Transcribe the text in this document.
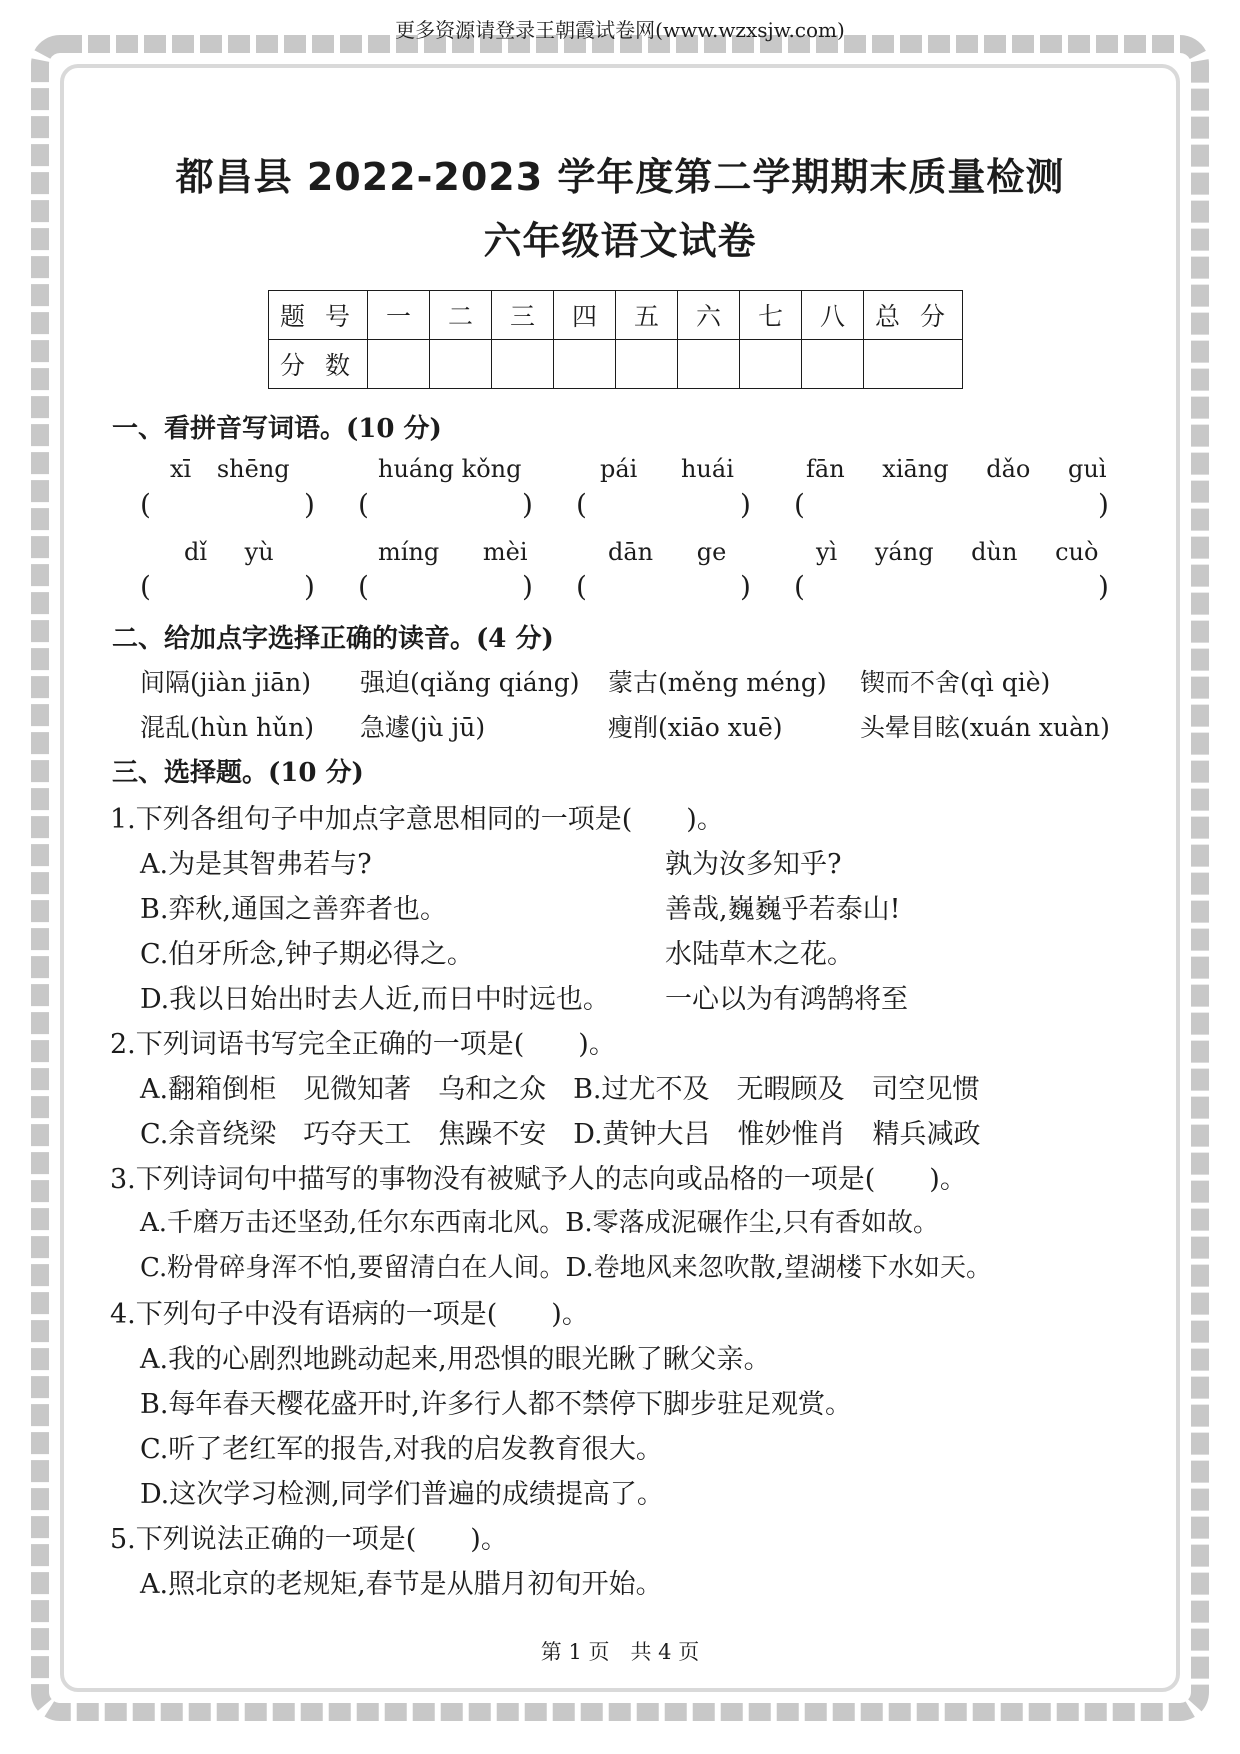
更多资源请登录王朝霞试卷网(www.wzxsjw.com)
都昌县 2022-2023 学年度第二学期期末质量检测
六年级语文试卷
题 号	一	二	三	四	五	六	七	八	总 分
分 数									
一、看拼音写词语。(10 分)
xī shēng	huáng kǒng	pái huái	fān xiāng dǎo guì
(	) (	) (	) (	)
dǐ yù	míng mèi	dān ge	yì yáng dùn cuò
(	) (	) (	) (	)
二、给加点字选择正确的读音。(4 分)
间隔(jiàn jiān) 强迫(qiǎng qiáng) 蒙古(měng méng) 锲而不舍(qì qiè)
混乱(hùn hǔn) 急遽(jù jū)	瘦削(xiāo xuē)	头晕目眩(xuán xuàn)
三、选择题。(10 分)
1.下列各组句子中加点字意思相同的一项是(　　)。
A.为是其智弗若与?	孰为汝多知乎?
B.弈秋,通国之善弈者也。	善哉,巍巍乎若泰山!
C.伯牙所念,钟子期必得之。	水陆草木之花。
D.我以日始出时去人近,而日中时远也。 一心以为有鸿鹄将至
2.下列词语书写完全正确的一项是(　　)。
A.翻箱倒柜　见微知著　乌和之众　B.过尤不及　无暇顾及　司空见惯
C.余音绕梁　巧夺天工　焦躁不安　D.黄钟大吕　惟妙惟肖　精兵减政
3.下列诗词句中描写的事物没有被赋予人的志向或品格的一项是(　　)。
A.千磨万击还坚劲,任尔东西南北风。B.零落成泥碾作尘,只有香如故。
C.粉骨碎身浑不怕,要留清白在人间。D.卷地风来忽吹散,望湖楼下水如天。
4.下列句子中没有语病的一项是(　　)。
A.我的心剧烈地跳动起来,用恐惧的眼光瞅了瞅父亲。
B.每年春天樱花盛开时,许多行人都不禁停下脚步驻足观赏。
C.听了老红军的报告,对我的启发教育很大。
D.这次学习检测,同学们普遍的成绩提高了。
5.下列说法正确的一项是(　　)。
A.照北京的老规矩,春节是从腊月初旬开始。
第 1 页　共 4 页
